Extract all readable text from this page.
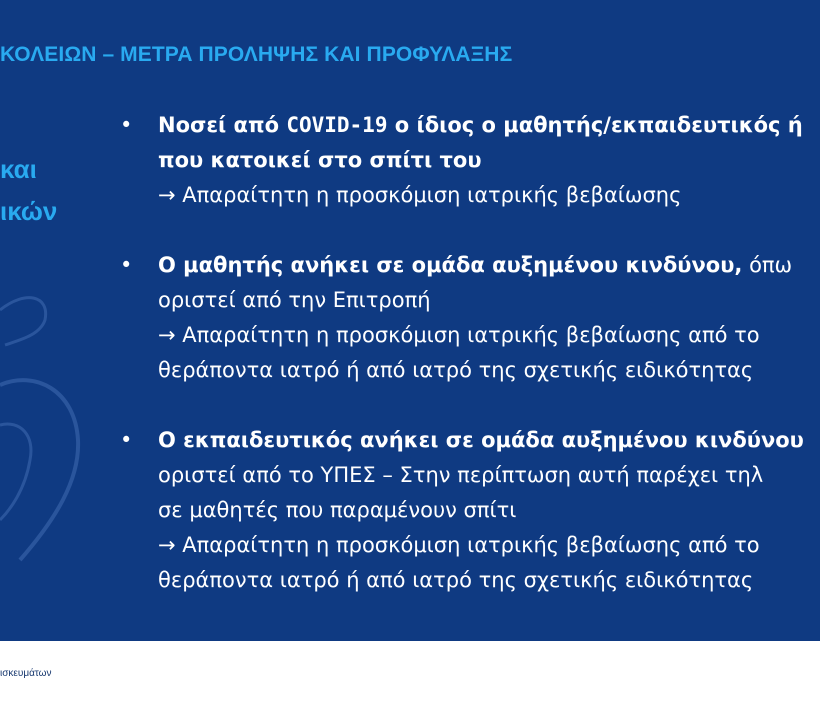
ΚΟΛΕΙΩΝ – ΜΕΤΡΑ ΠΡΟΛΗΨΗΣ ΚΑΙ ΠΡΟΦΥΛΑΞΗΣ
και
ικών
• Νοσεί από COVID-19 ο ίδιος ο μαθητής/εκπαιδευτικός ή
που κατοικεί στο σπίτι του
→ Απαραίτητη η προσκόμιση ιατρικής βεβαίωσης
• Ο μαθητής ανήκει σε ομάδα αυξημένου κινδύνου, όπω
οριστεί από την Επιτροπή
→ Απαραίτητη η προσκόμιση ιατρικής βεβαίωσης από το
θεράποντα ιατρό ή από ιατρό της σχετικής ειδικότητας
• Ο εκπαιδευτικός ανήκει σε ομάδα αυξημένου κινδύνου
οριστεί από το ΥΠΕΣ – Στην περίπτωση αυτή παρέχει τηλ
σε μαθητές που παραμένουν σπίτι
→ Απαραίτητη η προσκόμιση ιατρικής βεβαίωσης από το
θεράποντα ιατρό ή από ιατρό της σχετικής ειδικότητας
ισκευμάτων
